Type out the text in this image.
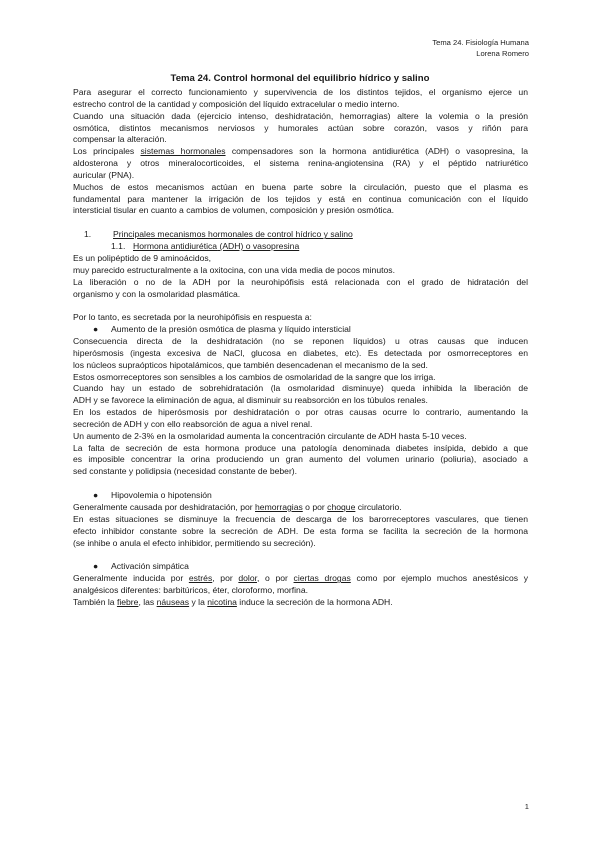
Tema 24. Fisiología Humana
Lorena Romero
Tema 24. Control hormonal del equilibrio hídrico y salino

Para asegurar el correcto funcionamiento y supervivencia de los distintos tejidos, el organismo ejerce un

estrecho control de la cantidad y composición del líquido extracelular o medio interno.

Cuando una situación dada (ejercicio intenso, deshidratación, hemorragias) altere la volemia o la presión

osmótica, distintos mecanismos nerviosos y humorales actúan sobre corazón, vasos y riñón para

compensar la alteración.

Los principales sistemas hormonales compensadores son la hormona antidiurética (ADH) o vasopresina, la

aldosterona y otros mineralocorticoides, el sistema renina-angiotensina (RA) y el péptido natriurético

auricular (PNA).

Muchos de estos mecanismos actúan en buena parte sobre la circulación, puesto que el plasma es

fundamental para mantener la irrigación de los tejidos y está en continua comunicación con el líquido

intersticial tisular en cuanto a cambios de volumen, composición y presión osmótica.

1.	Principales mecanismos hormonales de control hídrico y salino

1.1. Hormona antidiurética (ADH) o vasopresina

Es un polipéptido de 9 aminoácidos,

muy parecido estructuralmente a la oxitocina, con una vida media de pocos minutos.

La liberación o no de la ADH por la neurohipófisis está relacionada con el grado de hidratación del

organismo y con la osmolaridad plasmática.

Por lo tanto, es secretada por la neurohipófisis en respuesta a:

● Aumento de la presión osmótica de plasma y líquido intersticial

Consecuencia directa de la deshidratación (no se reponen líquidos) u otras causas que inducen

hiperósmosis (ingesta excesiva de NaCl, glucosa en diabetes, etc). Es detectada por osmorreceptores en

los núcleos supraópticos hipotalámicos, que también desencadenan el mecanismo de la sed.

Estos osmorreceptores son sensibles a los cambios de osmolaridad de la sangre que los irriga.

Cuando hay un estado de sobrehidratación (la osmolaridad disminuye) queda inhibida la liberación de

ADH y se favorece la eliminación de agua, al disminuir su reabsorción en los túbulos renales.

En los estados de hiperósmosis por deshidratación o por otras causas ocurre lo contrario, aumentando la

secreción de ADH y con ello reabsorción de agua a nivel renal.

Un aumento de 2-3% en la osmolaridad aumenta la concentración circulante de ADH hasta 5-10 veces.

La falta de secreción de esta hormona produce una patología denominada diabetes insípida, debido a que

es imposible concentrar la orina produciendo un gran aumento del volumen urinario (poliuria), asociado a

sed constante y polidipsia (necesidad constante de beber).

● Hipovolemia o hipotensión

Generalmente causada por deshidratación, por hemorragias o por choque circulatorio.

En estas situaciones se disminuye la frecuencia de descarga de los barorreceptores vasculares, que tienen

efecto inhibidor constante sobre la secreción de ADH. De esta forma se facilita la secreción de la hormona

(se inhibe o anula el efecto inhibidor, permitiendo su secreción).

● Activación simpática

Generalmente inducida por estrés, por dolor, o por ciertas drogas como por ejemplo muchos anestésicos y

analgésicos diferentes: barbitúricos, éter, cloroformo, morfina.

También la fiebre, las náuseas y la nicotina induce la secreción de la hormona ADH.

1
